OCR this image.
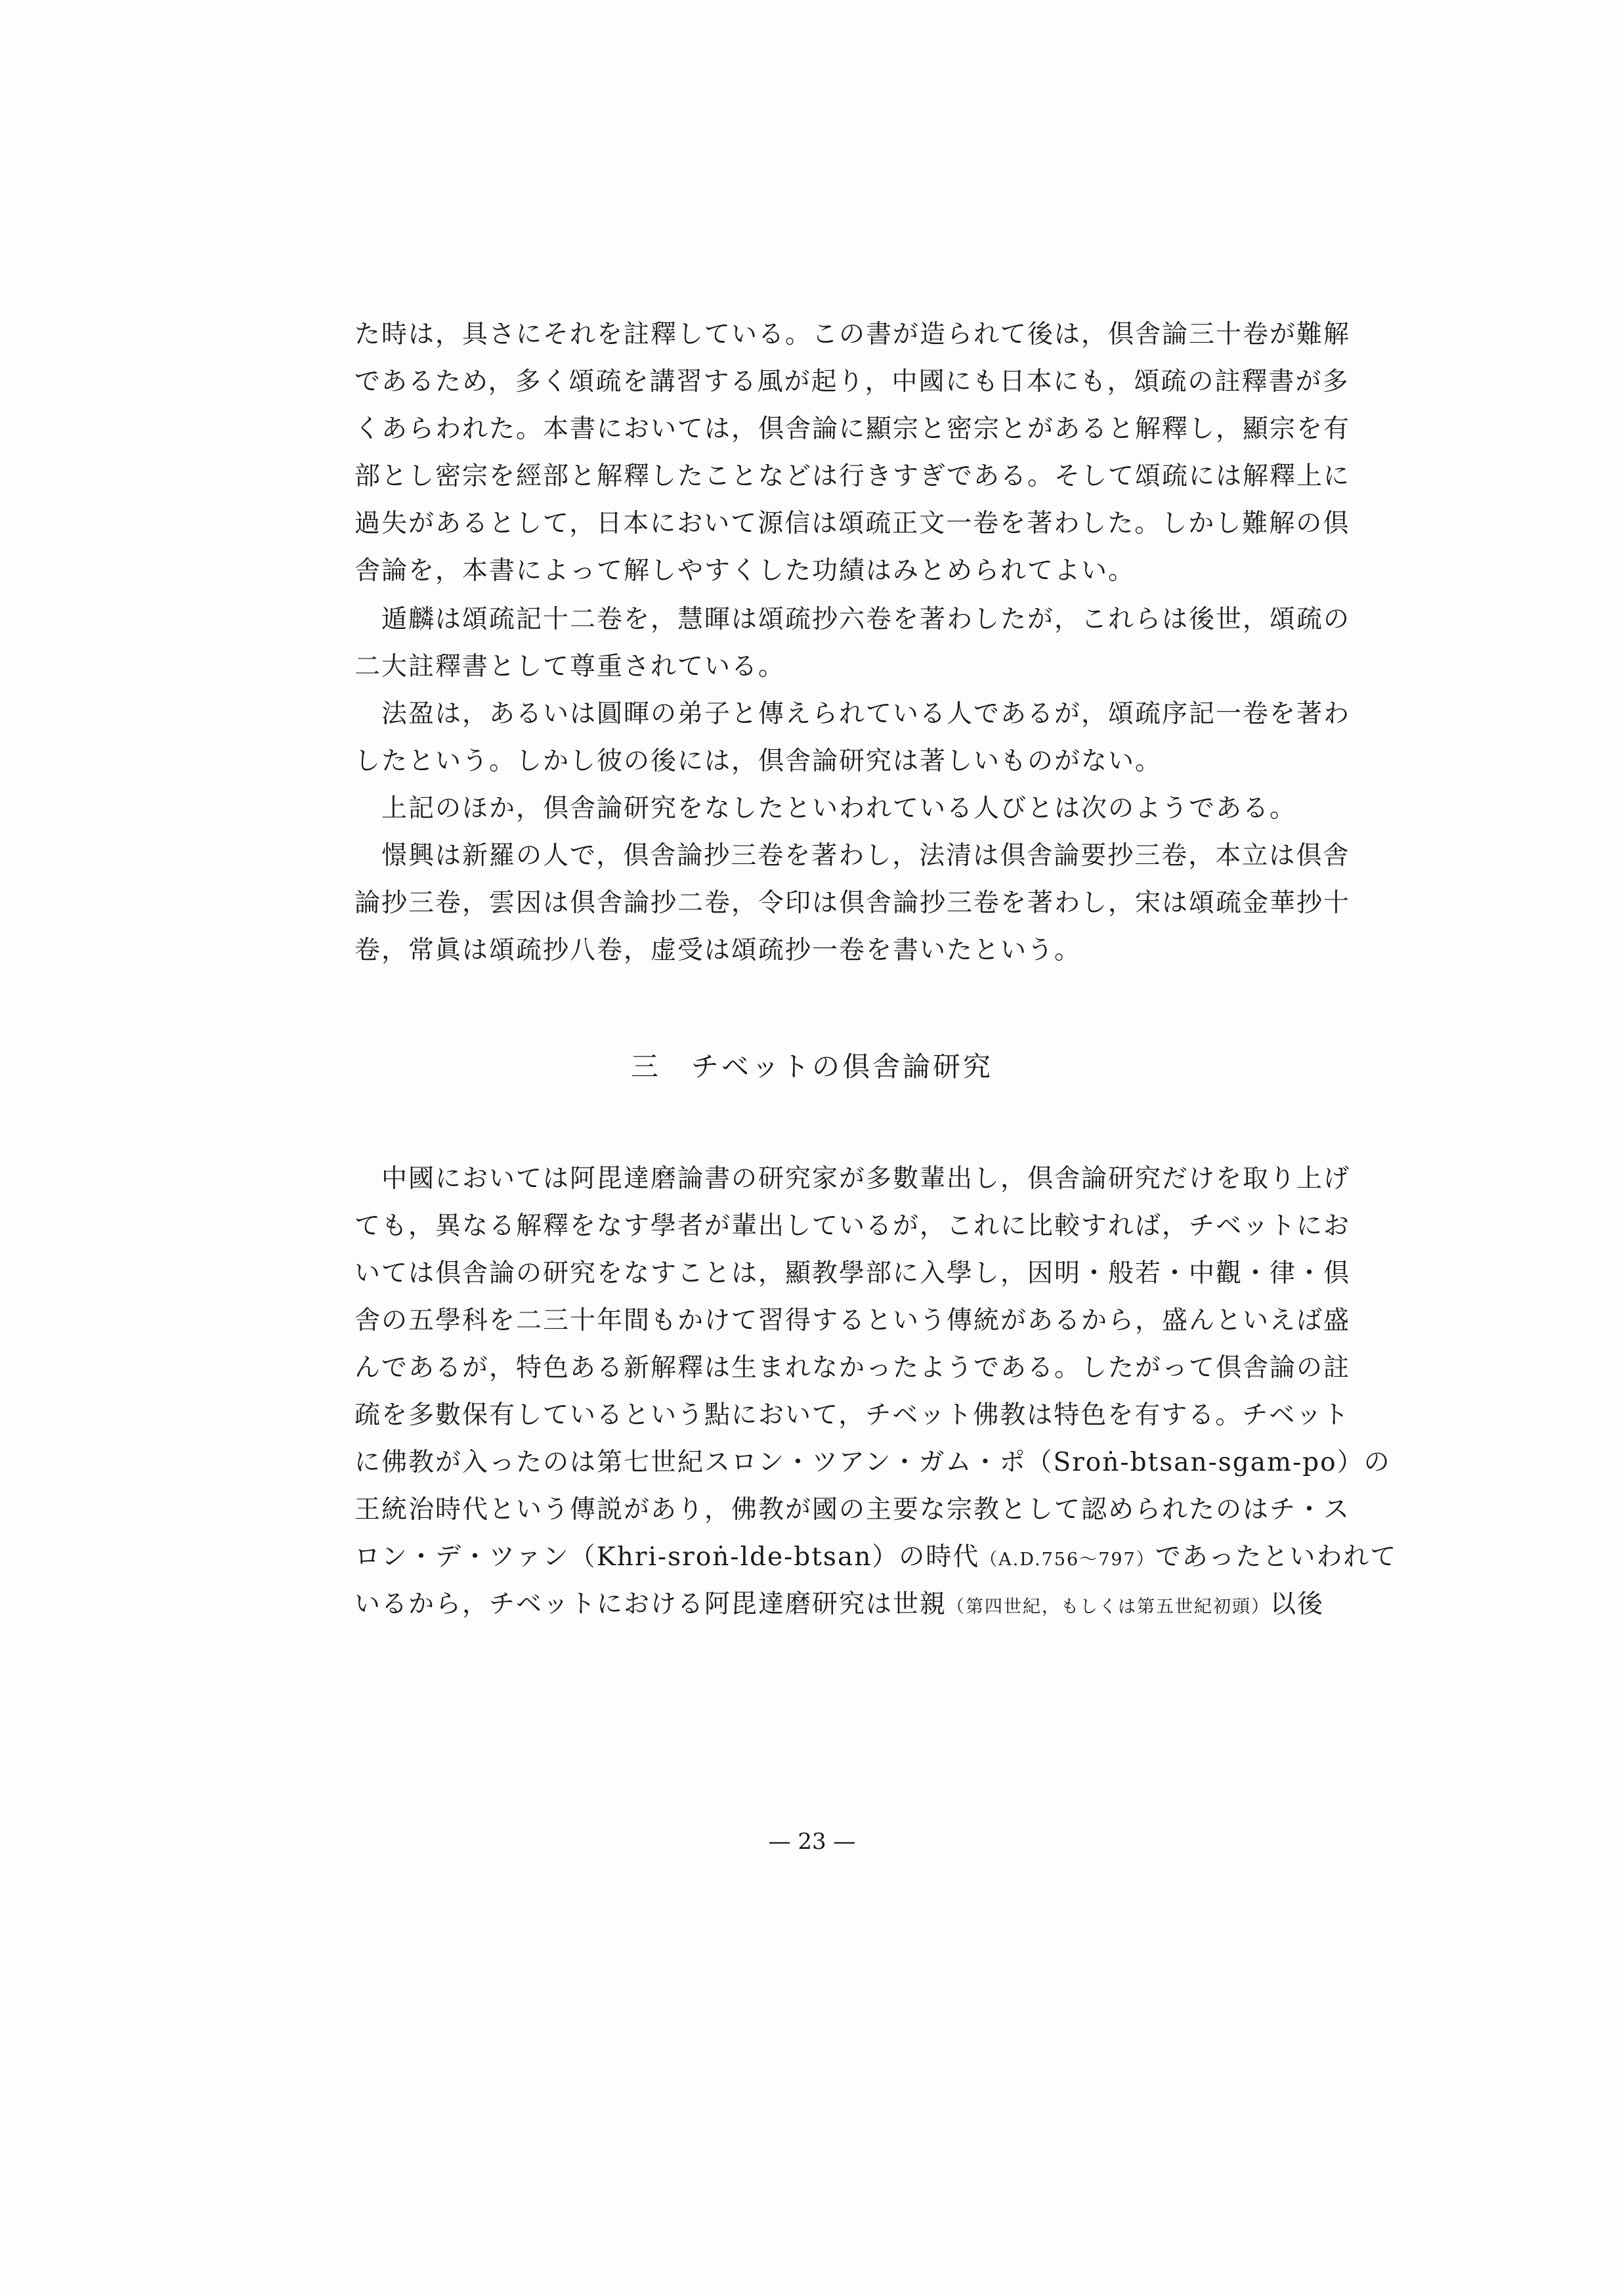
た時は，具さにそれを註釋している。この書が造られて後は，倶舎論三十卷が難解
であるため，多く頌疏を講習する風が起り，中國にも日本にも，頌疏の註釋書が多
くあらわれた。本書においては，倶舎論に顯宗と密宗とがあると解釋し，顯宗を有
部とし密宗を經部と解釋したことなどは行きすぎである。そして頌疏には解釋上に
過失があるとして，日本において源信は頌疏正文一卷を著わした。しかし難解の倶
舎論を，本書によって解しやすくした功績はみとめられてよい。
　遁麟は頌疏記十二卷を，慧暉は頌疏抄六卷を著わしたが，これらは後世，頌疏の
二大註釋書として尊重されている。
　法盈は，あるいは圓暉の弟子と傳えられている人であるが，頌疏序記一卷を著わ
したという。しかし彼の後には，倶舎論研究は著しいものがない。
　上記のほか，倶舎論研究をなしたといわれている人びとは次のようである。
　憬興は新羅の人で，倶舎論抄三卷を著わし，法清は倶舎論要抄三卷，本立は倶舎
論抄三卷，雲因は倶舎論抄二卷，令印は倶舎論抄三卷を著わし，宋は頌疏金華抄十
卷，常眞は頌疏抄八卷，虚受は頌疏抄一卷を書いたという。
三　チベットの倶舎論研究
　中國においては阿毘達磨論書の研究家が多數輩出し，倶舎論研究だけを取り上げ
ても，異なる解釋をなす學者が輩出しているが，これに比較すれば，チベットにお
いては倶舎論の研究をなすことは，顯教學部に入學し，因明・般若・中觀・律・倶
舎の五學科を二三十年間もかけて習得するという傳統があるから，盛んといえば盛
んであるが，特色ある新解釋は生まれなかったようである。したがって倶舎論の註
疏を多數保有しているという點において，チベット佛教は特色を有する。チベット
に佛教が入ったのは第七世紀スロン・ツアン・ガム・ポ（Sroṅ-btsan-sgam-po）の
王統治時代という傳説があり，佛教が國の主要な宗教として認められたのはチ・ス
ロン・デ・ツァン（Khri-sroṅ-lde-btsan）の時代（A.D.756～797）であったといわれて
いるから，チベットにおける阿毘達磨研究は世親（第四世紀，もしくは第五世紀初頭）以後
— 23 —
